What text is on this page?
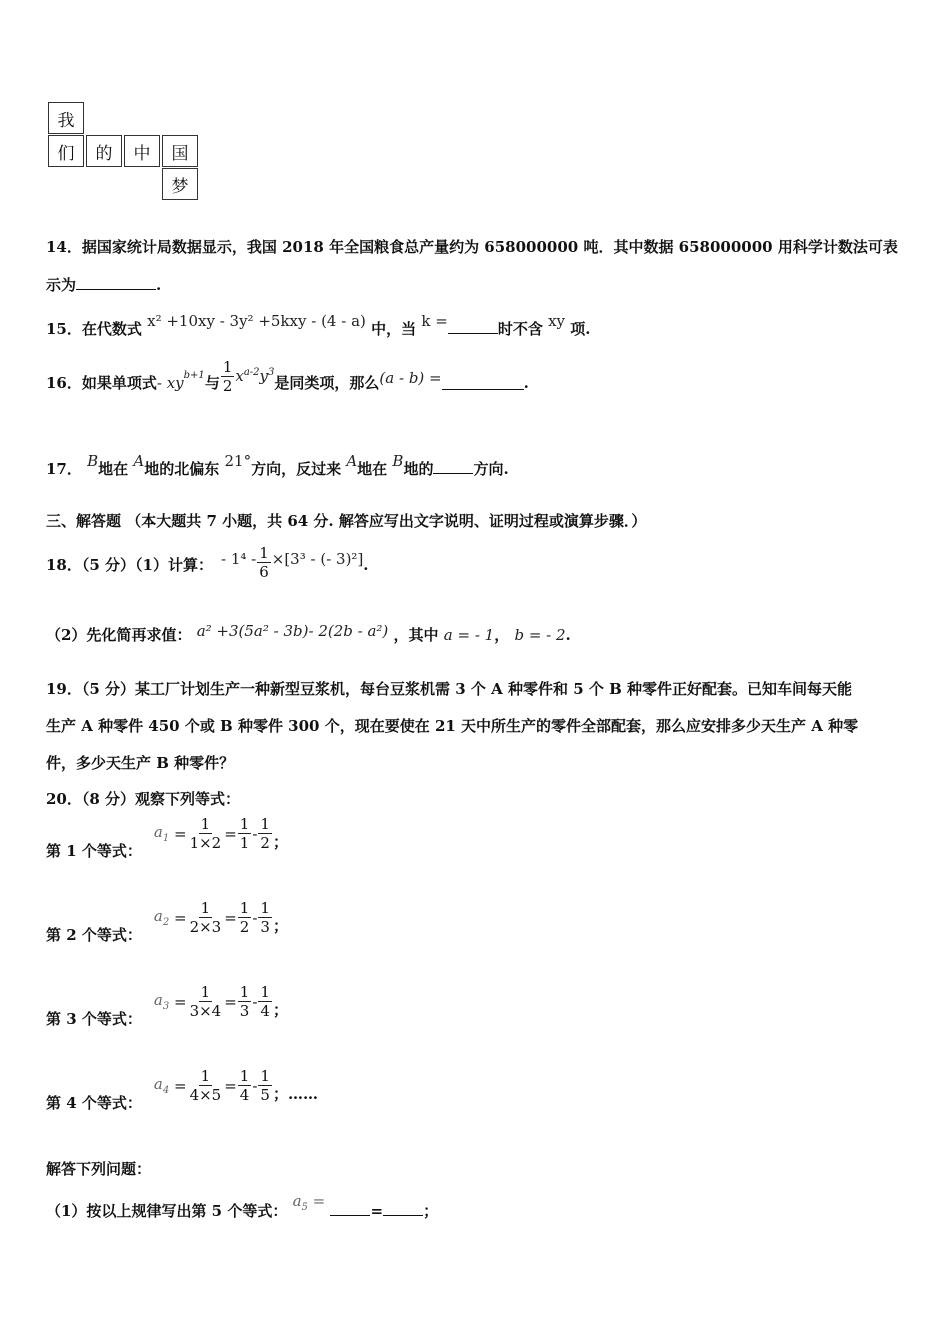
我
们	的	中	国
梦
14．据国家统计局数据显示，我国 2018 年全国粮食总产量约为 658000000 吨．其中数据 658000000 用科学计数法可表
示为	.
15．在代数式 x² +10xy - 3y² +5kxy - (4 - a) 中，当 k =	时不含 xy 项.
16．如果单项式 - $xy^{b+1}$ 与 $\frac{1}{2} x^{a-2}y^3$
是同类项，那么 (a - b) =	.
17． B地在 A地的北偏东 21°方向，反过来 A地在 B地的	方向.
三、解答题 （本大题共 7 小题，共 64 分. 解答应写出文字说明、证明过程或演算步骤．）
18．（5 分）（1）计算： - $1^4 - \frac{1}{6} \times[3^3$ - (- 3)²] .
（2）先化简再求值： a² +3(5a² - 3b)- 2(2b - a²) ，其中 a = - 1， b = - 2.
19．（5 分）某工厂计划生产一种新型豆浆机，每台豆浆机需 3 个 A 种零件和 5 个 B 种零件正好配套。已知车间每天能
生产 A 种零件 450 个或 B 种零件 300 个，现在要使在 21 天中所生产的零件全部配套，那么应安排多少天生产 A 种零
件，多少天生产 B 种零件？
20．（8 分）观察下列等式：
第 1 个等式：
$a_1 = \frac{1}{1\times 2} = \frac{1}{1} - \frac{1}{2}$ ；
第 2 个等式：
$a_2 = \frac{1}{2\times 3} = \frac{1}{2} - \frac{1}{3}$ ；
第 3 个等式：
$a_3 = \frac{1}{3\times 4} = \frac{1}{3} - \frac{1}{4}$ ；
第 4 个等式：
$a_4 = \frac{1}{4\times 5} = \frac{1}{4} - \frac{1}{5}$ ；……
解答下列问题：
（1）按以上规律写出第 5 个等式： $a_5$ = =	；
